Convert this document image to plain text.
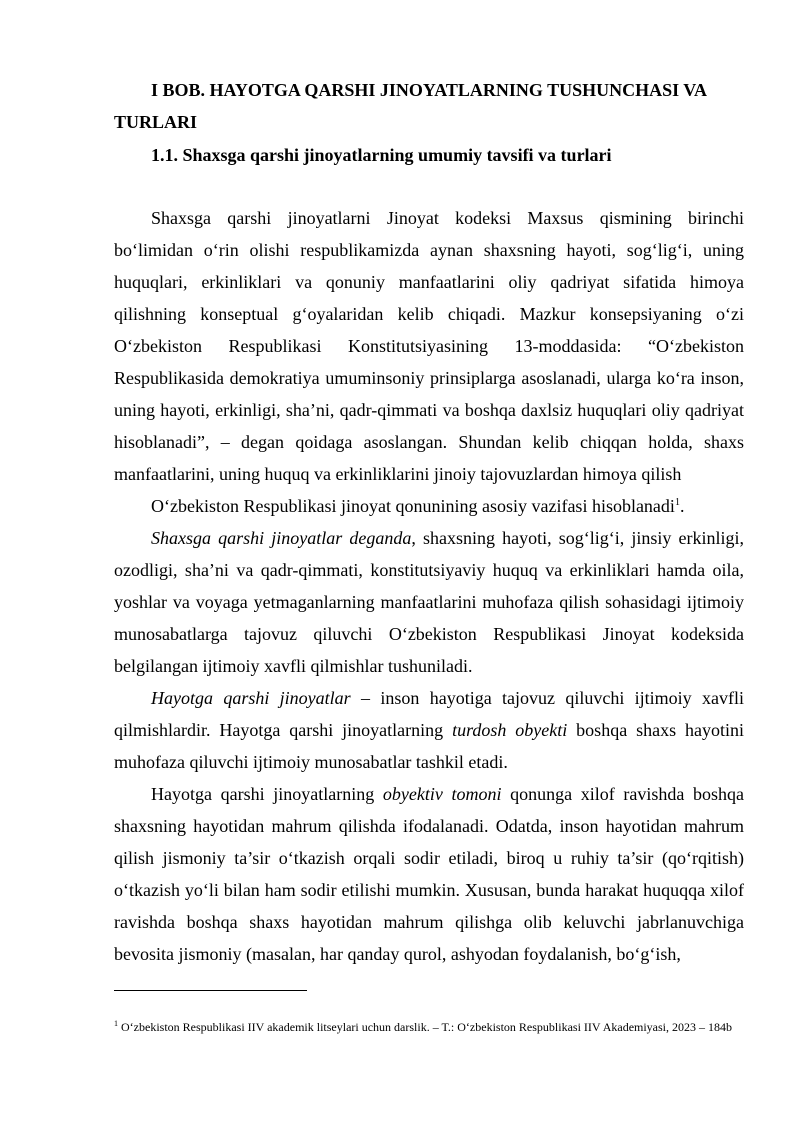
I BOB. HAYOTGA QARSHI JINOYATLARNING TUSHUNCHASI VA TURLARI
1.1. Shaxsga qarshi jinoyatlarning umumiy tavsifi va turlari

Shaxsga qarshi jinoyatlarni Jinoyat kodeksi Maxsus qismining birinchi bo‘limidan o‘rin olishi respublikamizda aynan shaxsning hayoti, sog‘lig‘i, uning huquqlari, erkinliklari va qonuniy manfaatlarini oliy qadriyat sifatida himoya qilishning konseptual g‘oyalaridan kelib chiqadi. Mazkur konsepsiyaning o‘zi O‘zbekiston Respublikasi Konstitutsiyasining 13-moddasida: “O‘zbekiston Respublikasida demokratiya umuminsoniy prinsiplarga asoslanadi, ularga ko‘ra inson, uning hayoti, erkinligi, sha’ni, qadr-qimmati va boshqa daxlsiz huquqlari oliy qadriyat hisoblanadi”, – degan qoidaga asoslangan. Shundan kelib chiqqan holda, shaxs manfaatlarini, uning huquq va erkinliklarini jinoiy tajovuzlardan himoya qilish

O‘zbekiston Respublikasi jinoyat qonunining asosiy vazifasi hisoblanadi$^1$.

Shaxsga qarshi jinoyatlar deganda, shaxsning hayoti, sog‘lig‘i, jinsiy erkinligi, ozodligi, sha’ni va qadr-qimmati, konstitutsiyaviy huquq va erkinliklari hamda oila, yoshlar va voyaga yetmaganlarning manfaatlarini muhofaza qilish sohasidagi ijtimoiy munosabatlarga tajovuz qiluvchi O‘zbekiston Respublikasi Jinoyat kodeksida belgilangan ijtimoiy xavfli qilmishlar tushuniladi.

Hayotga qarshi jinoyatlar – inson hayotiga tajovuz qiluvchi ijtimoiy xavfli qilmishlardir. Hayotga qarshi jinoyatlarning turdosh obyekti boshqa shaxs hayotini muhofaza qiluvchi ijtimoiy munosabatlar tashkil etadi.

Hayotga qarshi jinoyatlarning obyektiv tomoni qonunga xilof ravishda boshqa shaxsning hayotidan mahrum qilishda ifodalanadi. Odatda, inson hayotidan mahrum qilish jismoniy ta’sir o‘tkazish orqali sodir etiladi, biroq u ruhiy ta’sir (qo‘rqitish) o‘tkazish yo‘li bilan ham sodir etilishi mumkin. Xususan, bunda harakat huquqqa xilof ravishda boshqa shaxs hayotidan mahrum qilishga olib keluvchi jabrlanuvchiga bevosita jismoniy (masalan, har qanday qurol, ashyodan foydalanish, bo‘g‘ish,

$^1$ O‘zbekiston Respublikasi IIV akademik litseylari uchun darslik. – T.: O‘zbekiston Respublikasi IIV Akademiyasi, 2023 – 184b
